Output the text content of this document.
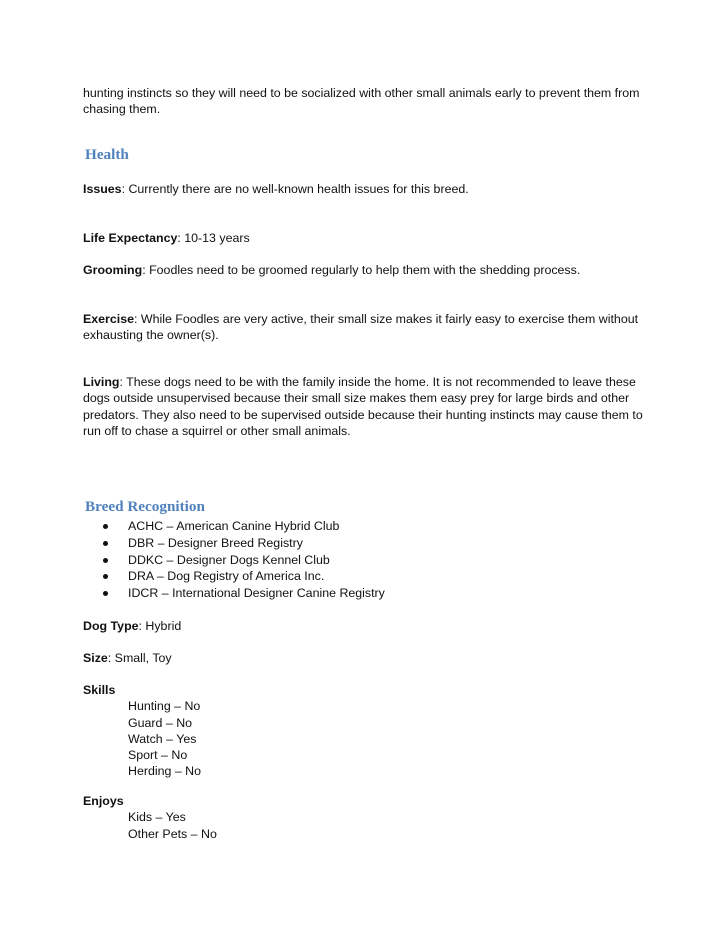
hunting instincts so they will need to be socialized with other small animals early to prevent them from chasing them.
Health
Issues: Currently there are no well-known health issues for this breed.
Life Expectancy: 10-13 years
Grooming: Foodles need to be groomed regularly to help them with the shedding process.
Exercise: While Foodles are very active, their small size makes it fairly easy to exercise them without exhausting the owner(s).
Living: These dogs need to be with the family inside the home. It is not recommended to leave these dogs outside unsupervised because their small size makes them easy prey for large birds and other predators. They also need to be supervised outside because their hunting instincts may cause them to run off to chase a squirrel or other small animals.
Breed Recognition
ACHC – American Canine Hybrid Club
DBR – Designer Breed Registry
DDKC – Designer Dogs Kennel Club
DRA – Dog Registry of America Inc.
IDCR – International Designer Canine Registry
Dog Type: Hybrid
Size: Small, Toy
Skills
Hunting – No
Guard – No
Watch – Yes
Sport – No
Herding – No
Enjoys
Kids – Yes
Other Pets – No
